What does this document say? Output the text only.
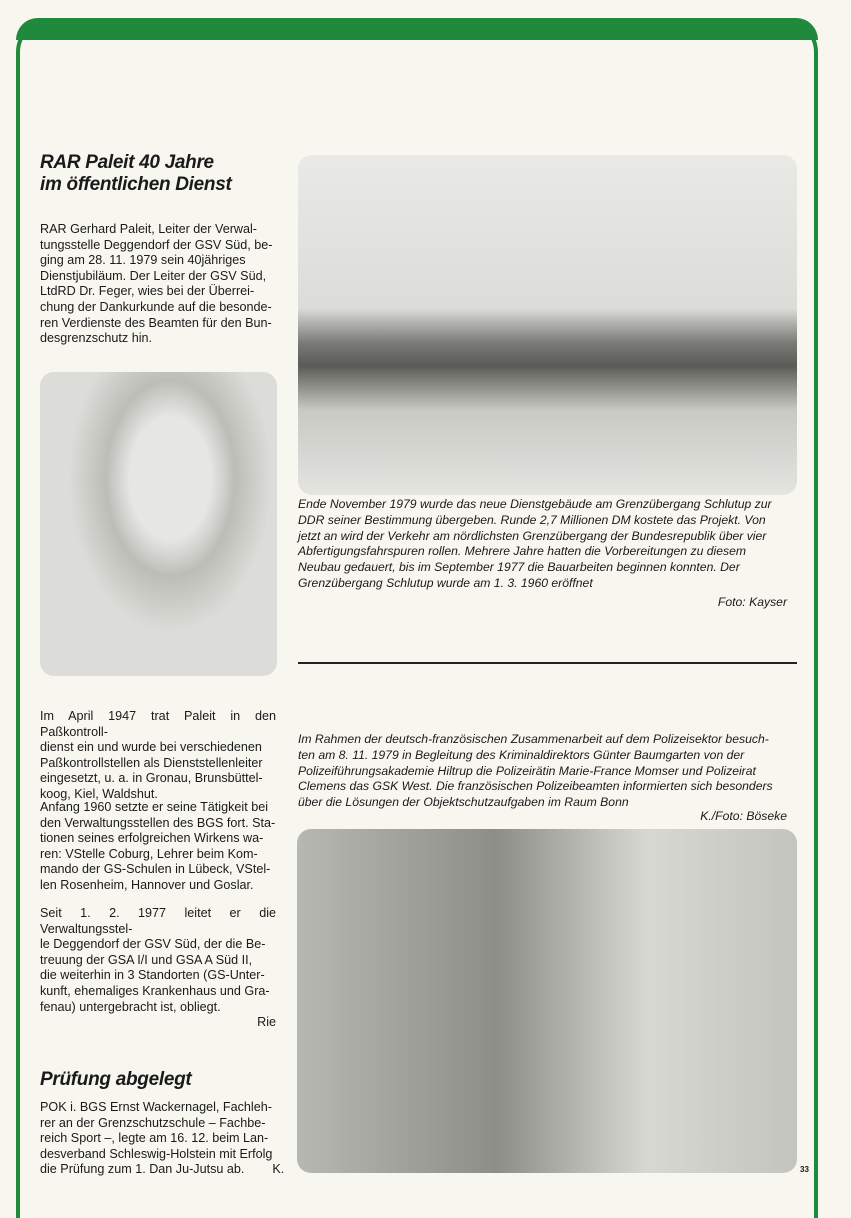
RAR Paleit 40 Jahre
im öffentlichen Dienst
RAR Gerhard Paleit, Leiter der Verwal-
tungsstelle Deggendorf der GSV Süd, be-
ging am 28. 11. 1979 sein 40jähriges
Dienstjubiläum. Der Leiter der GSV Süd,
LtdRD Dr. Feger, wies bei der Überrei-
chung der Dankurkunde auf die besonde-
ren Verdienste des Beamten für den Bun-
desgrenzschutz hin.
Im April 1947 trat Paleit in den Paßkontroll-
dienst ein und wurde bei verschiedenen
Paßkontrollstellen als Dienststellenleiter
eingesetzt, u. a. in Gronau, Brunsbüttel-
koog, Kiel, Waldshut.
Anfang 1960 setzte er seine Tätigkeit bei
den Verwaltungsstellen des BGS fort. Sta-
tionen seines erfolgreichen Wirkens wa-
ren: VStelle Coburg, Lehrer beim Kom-
mando der GS-Schulen in Lübeck, VStel-
len Rosenheim, Hannover und Goslar.
Seit 1. 2. 1977 leitet er die Verwaltungsstel-
le Deggendorf der GSV Süd, der die Be-
treuung der GSA I/I und GSA A Süd II,
die weiterhin in 3 Standorten (GS-Unter-
kunft, ehemaliges Krankenhaus und Gra-
fenau) untergebracht ist, obliegt.
Rie
Prüfung abgelegt
POK i. BGS Ernst Wackernagel, Fachleh-
rer an der Grenzschutzschule – Fachbe-
reich Sport –, legte am 16. 12. beim Lan-
desverband Schleswig-Holstein mit Erfolg
die Prüfung zum 1. Dan Ju-Jutsu ab.        K.
Ende November 1979 wurde das neue Dienstgebäude am Grenzübergang Schlutup zur
DDR seiner Bestimmung übergeben. Runde 2,7 Millionen DM kostete das Projekt. Von
jetzt an wird der Verkehr am nördlichsten Grenzübergang der Bundesrepublik über vier
Abfertigungsfahrspuren rollen. Mehrere Jahre hatten die Vorbereitungen zu diesem
Neubau gedauert, bis im September 1977 die Bauarbeiten beginnen konnten. Der
Grenzübergang Schlutup wurde am 1. 3. 1960 eröffnet
Foto: Kayser
Im Rahmen der deutsch-französischen Zusammenarbeit auf dem Polizeisektor besuch-
ten am 8. 11. 1979 in Begleitung des Kriminaldirektors Günter Baumgarten von der
Polizeiführungsakademie Hiltrup die Polizeirätin Marie-France Momser und Polizeirat
Clemens das GSK West. Die französischen Polizeibeamten informierten sich besonders
über die Lösungen der Objektschutzaufgaben im Raum Bonn
K./Foto: Böseke
33
